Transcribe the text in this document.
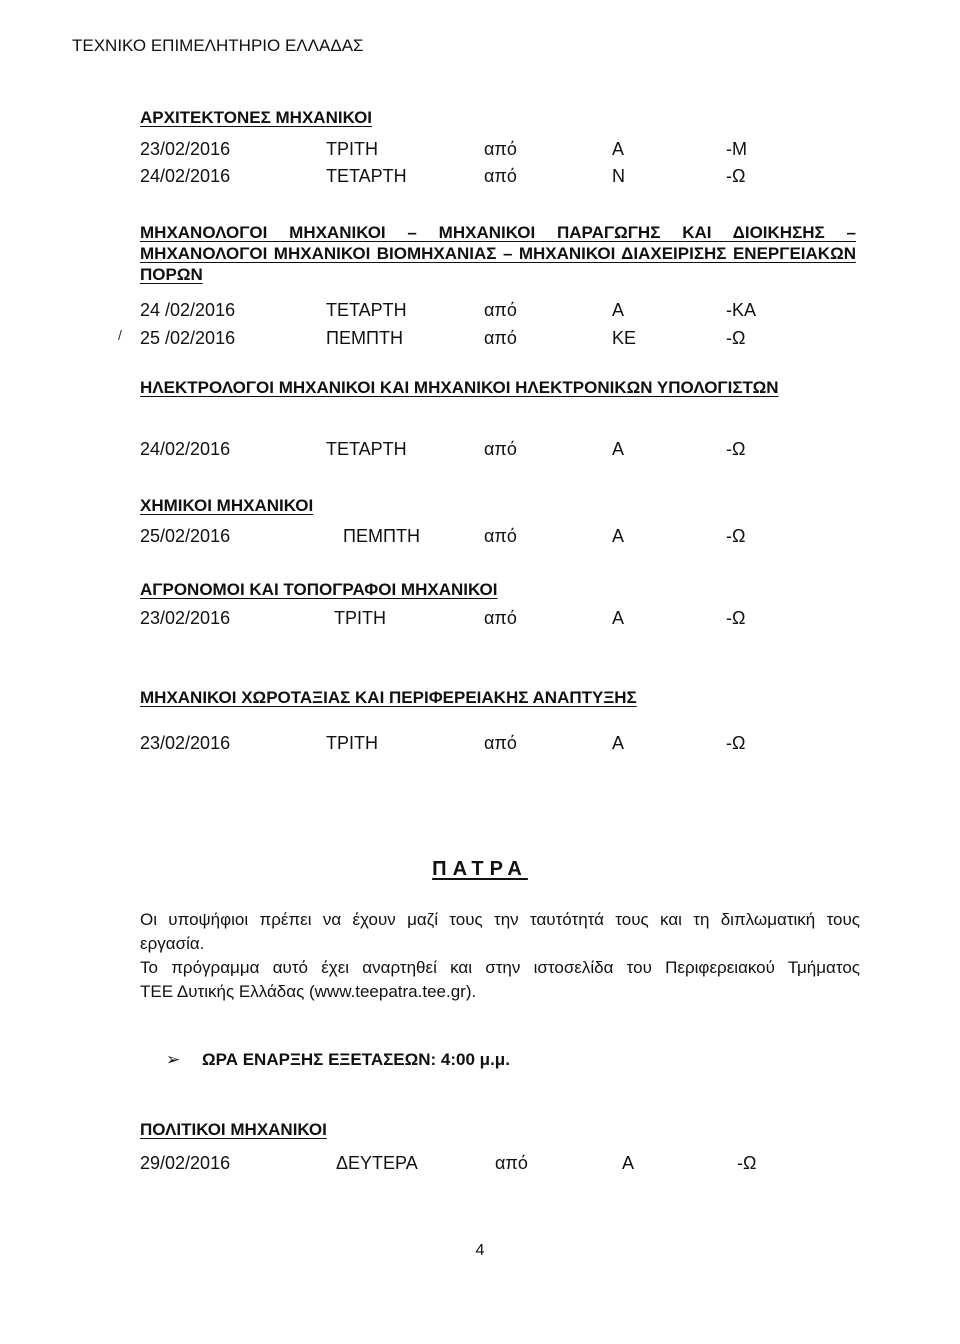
ΤΕΧΝΙΚΟ ΕΠΙΜΕΛΗΤΗΡΙΟ ΕΛΛΑΔΑΣ
ΑΡΧΙΤΕΚΤΟΝΕΣ ΜΗΧΑΝΙΚΟΙ
23/02/2016	ΤΡΙΤΗ	από	Α	-Μ
24/02/2016	ΤΕΤΑΡΤΗ	από	Ν	-Ω
ΜΗΧΑΝΟΛΟΓΟΙ ΜΗΧΑΝΙΚΟΙ – ΜΗΧΑΝΙΚΟΙ ΠΑΡΑΓΩΓΗΣ ΚΑΙ ΔΙΟΙΚΗΣΗΣ –
ΜΗΧΑΝΟΛΟΓΟΙ ΜΗΧΑΝΙΚΟΙ ΒΙΟΜΗΧΑΝΙΑΣ – ΜΗΧΑΝΙΚΟΙ ΔΙΑΧΕΙΡΙΣΗΣ ΕΝΕΡΓΕΙΑΚΩΝ
ΠΟΡΩΝ
24 /02/2016	ΤΕΤΑΡΤΗ	από	Α	-ΚΑ
/ 25 /02/2016	ΠΕΜΠΤΗ	από	ΚΕ	-Ω
ΗΛΕΚΤΡΟΛΟΓΟΙ ΜΗΧΑΝΙΚΟΙ ΚΑΙ ΜΗΧΑΝΙΚΟΙ ΗΛΕΚΤΡΟΝΙΚΩΝ ΥΠΟΛΟΓΙΣΤΩΝ
24/02/2016	ΤΕΤΑΡΤΗ	από	Α	-Ω
ΧΗΜΙΚΟΙ ΜΗΧΑΝΙΚΟΙ
25/02/2016	ΠΕΜΠΤΗ	από	Α	-Ω
ΑΓΡΟΝΟΜΟΙ ΚΑΙ ΤΟΠΟΓΡΑΦΟΙ ΜΗΧΑΝΙΚΟΙ
23/02/2016	ΤΡΙΤΗ	από	Α	-Ω
ΜΗΧΑΝΙΚΟΙ ΧΩΡΟΤΑΞΙΑΣ ΚΑΙ ΠΕΡΙΦΕΡΕΙΑΚΗΣ ΑΝΑΠΤΥΞΗΣ
23/02/2016	ΤΡΙΤΗ	από	Α	-Ω
ΠΑΤΡΑ

Οι υποψήφιοι πρέπει να έχουν μαζί τους την ταυτότητά τους και τη διπλωματική τους

εργασία.

Το πρόγραμμα αυτό έχει αναρτηθεί και στην ιστοσελίδα του Περιφερειακού Τμήματος

ΤΕΕ Δυτικής Ελλάδας (www.teepatra.tee.gr).

➢ ΩΡΑ ΕΝΑΡΞΗΣ ΕΞΕΤΑΣΕΩΝ: 4:00 μ.μ.
ΠΟΛΙΤΙΚΟΙ ΜΗΧΑΝΙΚΟΙ
29/02/2016	ΔΕΥΤΕΡΑ	από	Α	-Ω
4
